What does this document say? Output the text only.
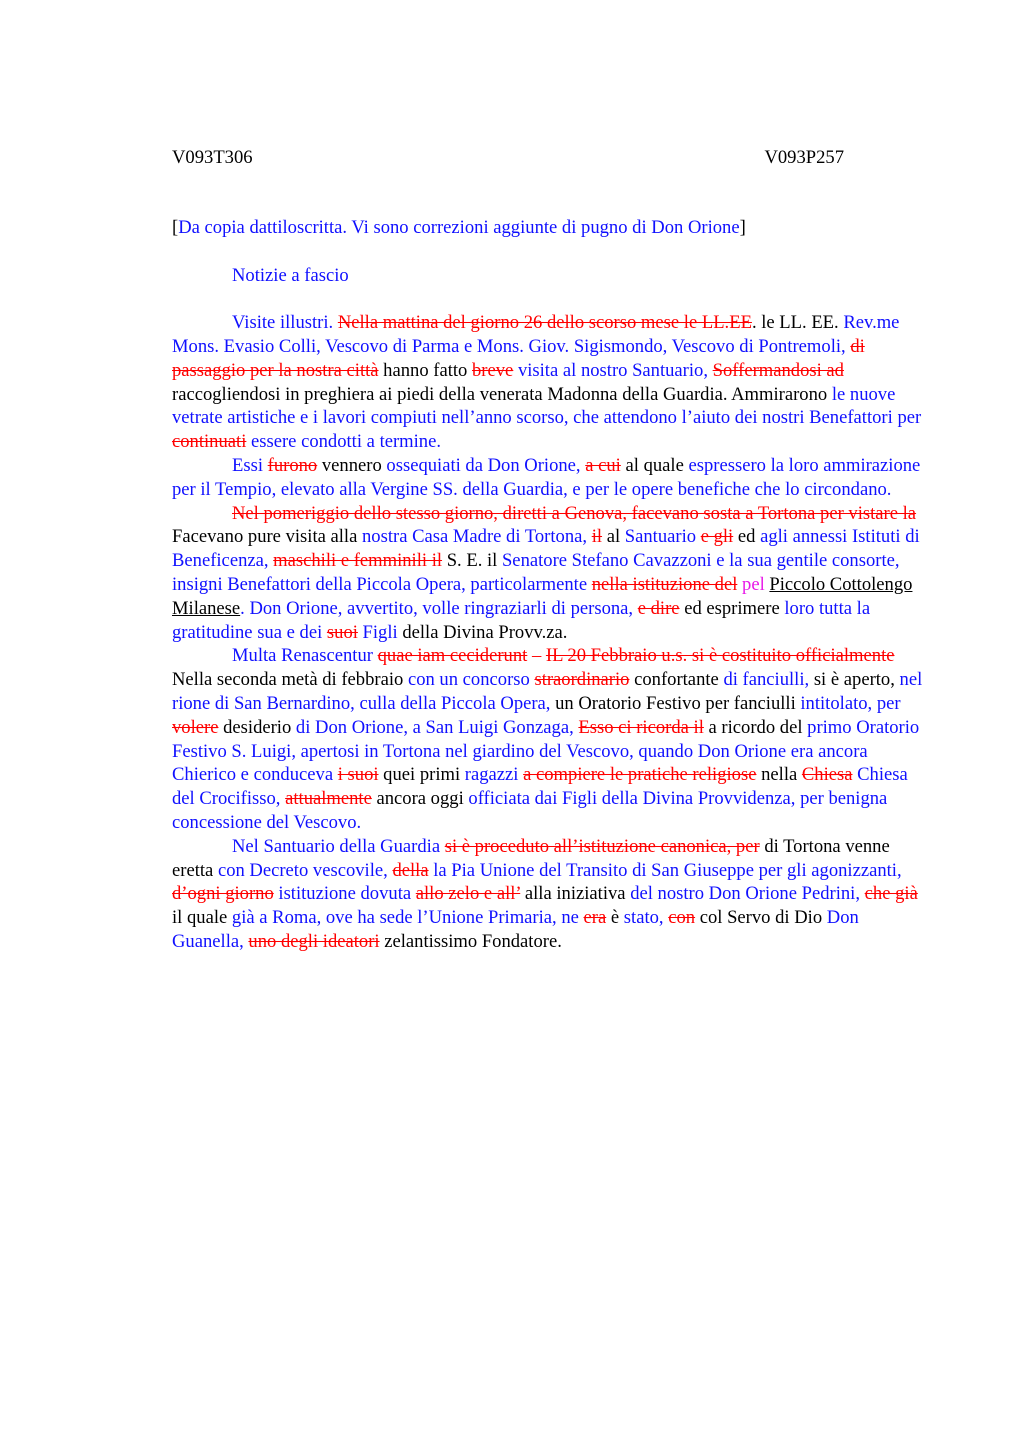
V093T306	V093P257

[Da copia dattiloscritta. Vi sono correzioni aggiunte di pugno di Don Orione]

Notizie a fascio

Visite illustri. Nella mattina del giorno 26 dello scorso mese le LL.EE. le LL. EE. Rev.me Mons. Evasio Colli, Vescovo di Parma e Mons. Giov. Sigismondo, Vescovo di Pontremoli, di passaggio per la nostra città hanno fatto breve visita al nostro Santuario, Soffermandosi ad raccogliendosi in preghiera ai piedi della venerata Madonna della Guardia. Ammirarono le nuove vetrate artistiche e i lavori compiuti nell’anno scorso, che attendono l’aiuto dei nostri Benefattori per continuati essere condotti a termine.

Essi furono vennero ossequiati da Don Orione, a cui al quale espressero la loro ammirazione per il Tempio, elevato alla Vergine SS. della Guardia, e per le opere benefiche che lo circondano.

Nel pomeriggio dello stesso giorno, diretti a Genova, facevano sosta a Tortona per vistare la Facevano pure visita alla nostra Casa Madre di Tortona, il al Santuario e gli ed agli annessi Istituti di Beneficenza, maschili e femminili il S. E. il Senatore Stefano Cavazzoni e la sua gentile consorte, insigni Benefattori della Piccola Opera, particolarmente nella istituzione del pel Piccolo Cottolengo Milanese. Don Orione, avvertito, volle ringraziarli di persona, e dire ed esprimere loro tutta la gratitudine sua e dei suoi Figli della Divina Provv.za.

Multa Renascentur quae iam ceciderunt – IL 20 Febbraio u.s. si è costituito officialmente Nella seconda metà di febbraio con un concorso straordinario confortante di fanciulli, si è aperto, nel rione di San Bernardino, culla della Piccola Opera, un Oratorio Festivo per fanciulli intitolato, per volere desiderio di Don Orione, a San Luigi Gonzaga, Esso ci ricorda il a ricordo del primo Oratorio Festivo S. Luigi, apertosi in Tortona nel giardino del Vescovo, quando Don Orione era ancora Chierico e conduceva i suoi quei primi ragazzi a compiere le pratiche religiose nella Chiesa Chiesa del Crocifisso, attualmente ancora oggi officiata dai Figli della Divina Provvidenza, per benigna concessione del Vescovo.

Nel Santuario della Guardia si è proceduto all’istituzione canonica, per di Tortona venne eretta con Decreto vescovile, della la Pia Unione del Transito di San Giuseppe per gli agonizzanti, d’ogni giorno istituzione dovuta allo zelo e all’ alla iniziativa del nostro Don Orione Pedrini, che già il quale già a Roma, ove ha sede l’Unione Primaria, ne era è stato, con col Servo di Dio Don Guanella, uno degli ideatori zelantissimo Fondatore.
